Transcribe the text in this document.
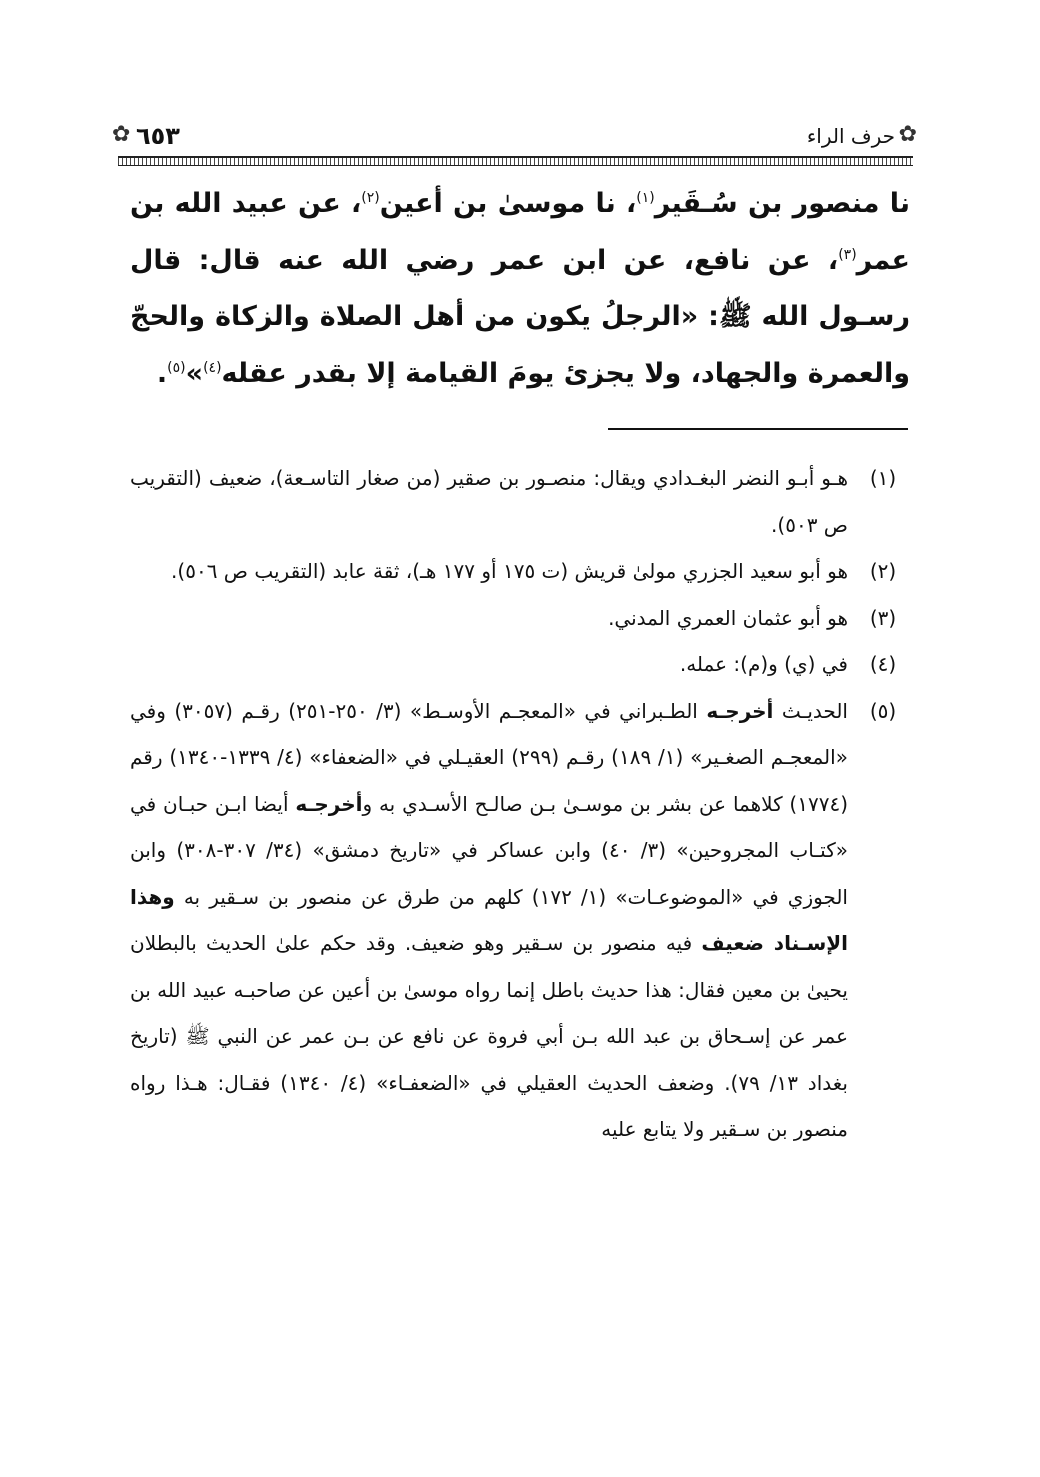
✿
حرف الراء
٦٥٣
✿

نا منصور بن سُـقَير$^{(١)}$، نا موسىٰ بن أعين$^{(٢)}$، عن عبيد الله بن عمر$^{(٣)}$، عن نافع، عن ابن عمر رضي الله عنه قال: قال رسـول الله ﷺ: «الرجلُ يكون من أهل الصلاة والزكاة والحجّ والعمرة والجهاد، ولا يجزئ يومَ القيامة إلا بقدر عقله$^{(٤)}$»$^{(٥)}$.

(١)
هـو أبـو النضر البغـدادي ويقال: منصـور بن صقير (من صغار التاسـعة)، ضعيف (التقريب ص ٥٠٣).

(٢)
هو أبو سعيد الجزري مولىٰ قريش (ت ١٧٥ أو ١٧٧ هـ)، ثقة عابد (التقريب ص ٥٠٦).

(٣)
هو أبو عثمان العمري المدني.

(٤)
في (ي) و(م): عمله.

(٥)
الحديـث أخرجـه الطـبراني في «المعجـم الأوسـط» (٣/ ٢٥٠-٢٥١) رقـم (٣٠٥٧) وفي «المعجـم الصغـير» (١/ ١٨٩) رقـم (٢٩٩) العقيـلي في «الضعفاء» (٤/ ١٣٣٩-١٣٤٠) رقم (١٧٧٤) كلاهما عن بشر بن موسـىٰ بـن صالـح الأسـدي به وأخرجـه أيضا ابـن حبـان في «كتـاب المجروحين» (٣/ ٤٠) وابن عساكر في «تاريخ دمشق» (٣٤/ ٣٠٧-٣٠٨) وابن الجوزي في «الموضوعـات» (١/ ١٧٢) كلهم من طرق عن منصور بن سـقير به وهذا الإسـناد ضعيف فيه منصور بن سـقير وهو ضعيف. وقد حكم علىٰ الحديث بالبطلان يحيىٰ بن معين فقال: هذا حديث باطل إنما رواه موسىٰ بن أعين عن صاحبـه عبيد الله بن عمر عن إسـحاق بن عبد الله بـن أبي فروة عن نافع عن بـن عمر عن النبي ﷺ (تاريخ بغداد ١٣/ ٧٩). وضعف الحديث العقيلي في «الضعفـاء» (٤/ ١٣٤٠) فقـال: هـذا رواه منصور بن سـقير ولا يتابع عليه
